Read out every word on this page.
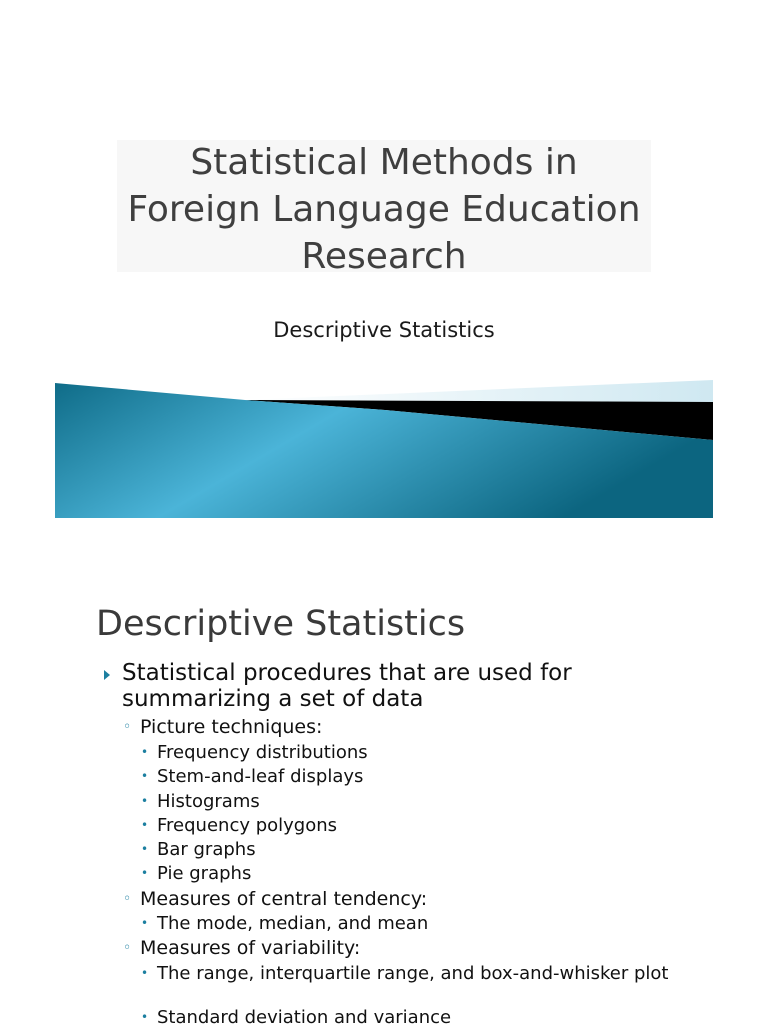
Statistical Methods in
Foreign Language Education
Research
Descriptive Statistics
Descriptive Statistics
Statistical procedures that are used for summarizing a set of data
◦ Picture techniques:
• Frequency distributions
• Stem-and-leaf displays
• Histograms
• Frequency polygons
• Bar graphs
• Pie graphs
◦ Measures of central tendency:
• The mode, median, and mean
◦ Measures of variability:
• The range, interquartile range, and box-and-whisker plot
• Standard deviation and variance
